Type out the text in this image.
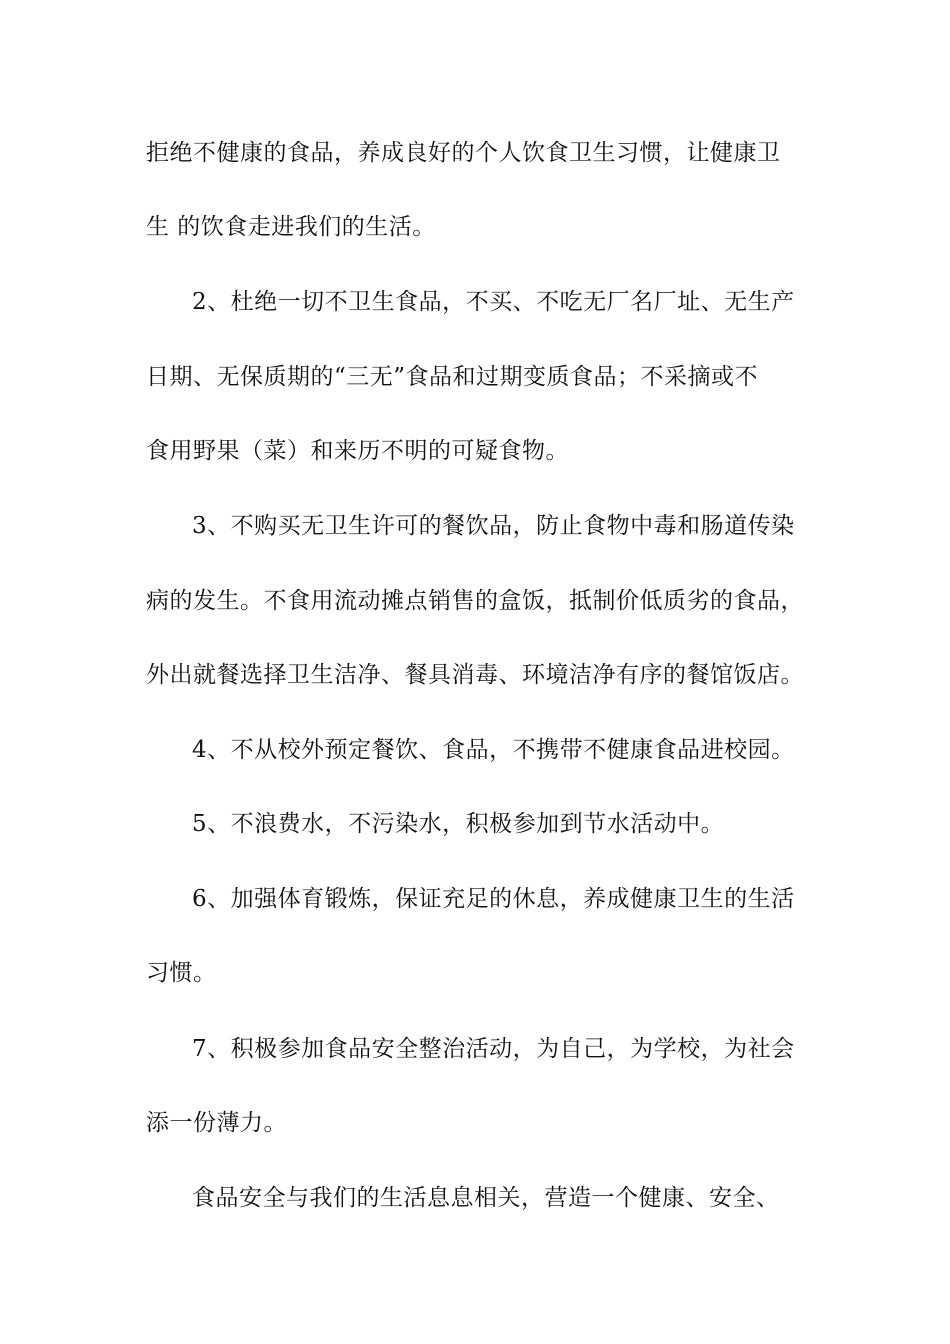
拒绝不健康的食品，养成良好的个人饮食卫生习惯，让健康卫

生 的饮食走进我们的生活。

2、杜绝一切不卫生食品，不买、不吃无厂名厂址、无生产

日期、无保质期的“三无”食品和过期变质食品；不采摘或不

食用野果（菜）和来历不明的可疑食物。

3、不购买无卫生许可的餐饮品，防止食物中毒和肠道传染

病的发生。不食用流动摊点销售的盒饭，抵制价低质劣的食品，

外出就餐选择卫生洁净、餐具消毒、环境洁净有序的餐馆饭店。

4、不从校外预定餐饮、食品，不携带不健康食品进校园。

5、不浪费水，不污染水，积极参加到节水活动中。

6、加强体育锻炼，保证充足的休息，养成健康卫生的生活

习惯。

7、积极参加食品安全整治活动，为自己，为学校，为社会

添一份薄力。

食品安全与我们的生活息息相关，营造一个健康、安全、
